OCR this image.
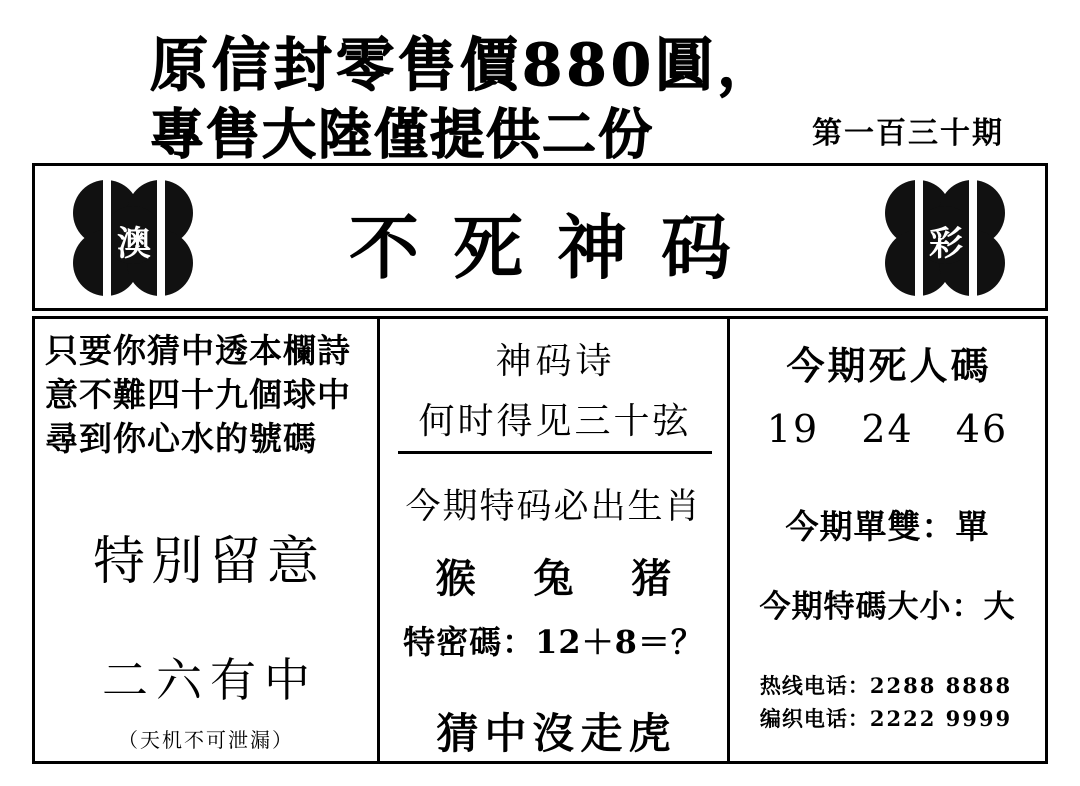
原信封零售價880圓，
專售大陸僅提供二份	第一百三十期
澳	不死神码	彩
只要你猜中透本欄詩意不難四十九個球中尋到你心水的號碼
特別留意
二六有中
（天机不可泄漏）
神码诗
何时得见三十弦
今期特码必出生肖
猴 兔 猪
特密碼：12＋8＝？
猜中沒走虎
今期死人碼
19 24 46
今期單雙：單
今期特碼大小：大
热线电话：2288 8888
编织电话：2222 9999
